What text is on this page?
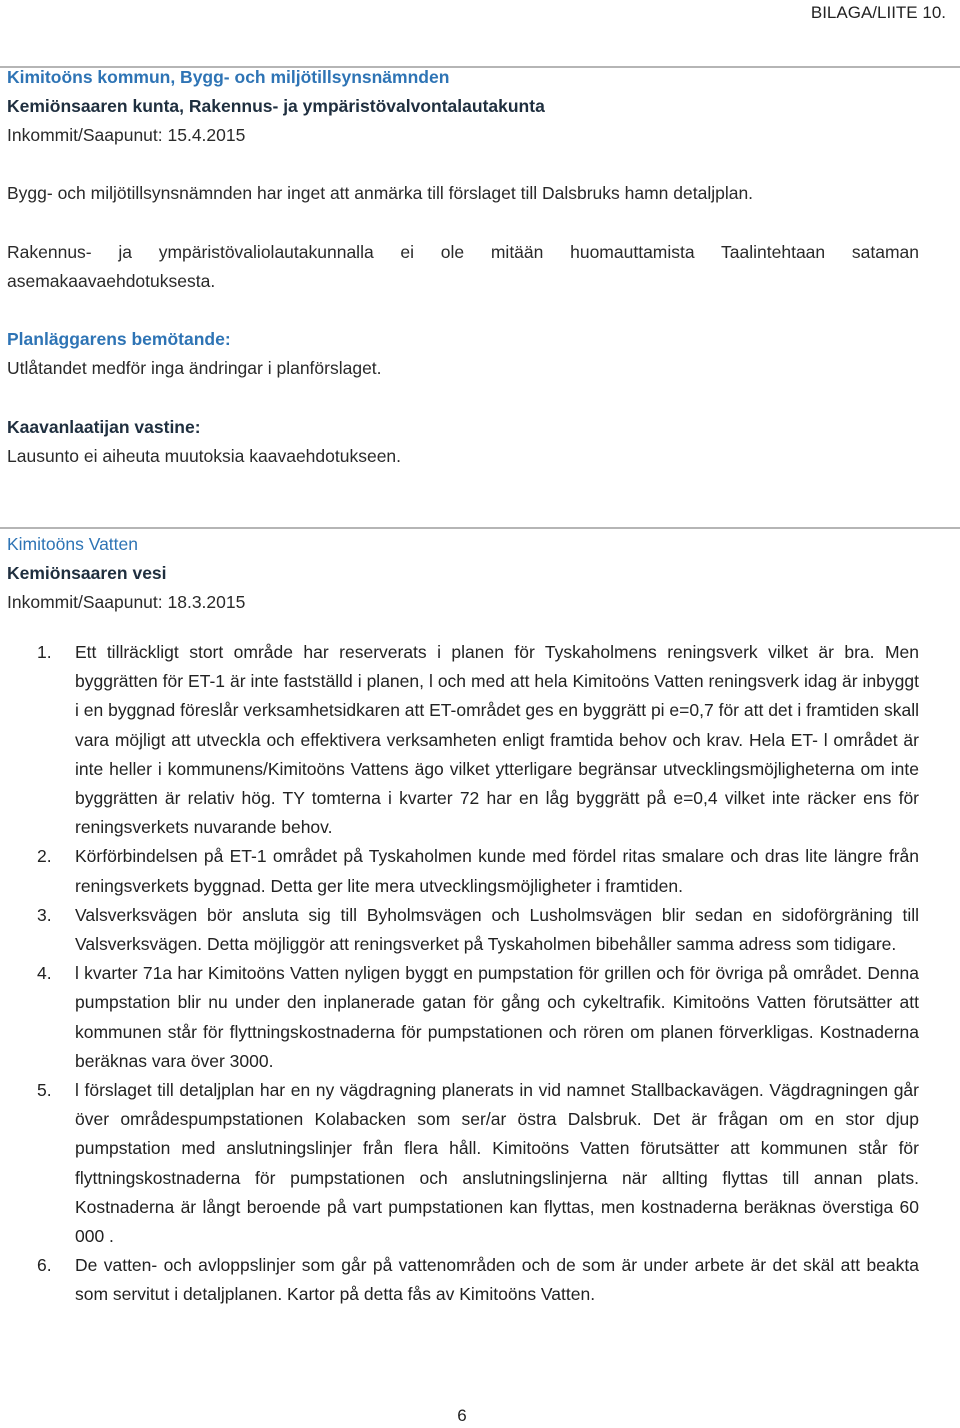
BILAGA/LIITE 10.
Kimitoöns kommun, Bygg- och miljötillsynsnämnden
Kemiönsaaren kunta, Rakennus- ja ympäristövalvontalautakunta
Inkommit/Saapunut: 15.4.2015
Bygg- och miljötillsynsnämnden har inget att anmärka till förslaget till Dalsbruks hamn detaljplan.
Rakennus- ja ympäristövaliolautakunnalla ei ole mitään huomauttamista Taalintehtaan sataman asemakaavaehdotuksesta.
Planläggarens bemötande:
Utlåtandet medför inga ändringar i planförslaget.
Kaavanlaatijan vastine:
Lausunto ei aiheuta muutoksia kaavaehdotukseen.
Kimitoöns Vatten
Kemiönsaaren vesi
Inkommit/Saapunut: 18.3.2015
1. Ett tillräckligt stort område har reserverats i planen för Tyskaholmens reningsverk vilket är bra. Men byggrätten för ET-1 är inte fastställd i planen, l och med att hela Kimitoöns Vatten reningsverk idag är inbyggt i en byggnad föreslår verksamhetsidkaren att ET-området ges en byggrätt pi e=0,7 för att det i framtiden skall vara möjligt att utveckla och effektivera verksamheten enligt framtida behov och krav. Hela ET- l området är inte heller i kommunens/Kimitoöns Vattens ägo vilket ytterligare begränsar utvecklingsmöjligheterna om inte byggrätten är relativ hög. TY tomterna i kvarter 72 har en låg byggrätt på e=0,4 vilket inte räcker ens för reningsverkets nuvarande behov.
2. Körförbindelsen på ET-1 området på Tyskaholmen kunde med fördel ritas smalare och dras lite längre från reningsverkets byggnad. Detta ger lite mera utvecklingsmöjligheter i framtiden.
3. Valsverksvägen bör ansluta sig till Byholmsvägen och Lusholmsvägen blir sedan en sidoförgräning till Valsverksvägen. Detta möjliggör att reningsverket på Tyskaholmen bibehåller samma adress som tidigare.
4. l kvarter 71a har Kimitoöns Vatten nyligen byggt en pumpstation för grillen och för övriga på området. Denna pumpstation blir nu under den inplanerade gatan för gång och cykeltrafik. Kimitoöns Vatten förutsätter att kommunen står för flyttningskostnaderna för pumpstationen och rören om planen förverkligas. Kostnaderna beräknas vara över 3000.
5. l förslaget till detaljplan har en ny vägdragning planerats in vid namnet Stallbackavägen. Vägdragningen går över områdespumpstationen Kolabacken som ser/ar östra Dalsbruk. Det är frågan om en stor djup pumpstation med anslutningslinjer från flera håll. Kimitoöns Vatten förutsätter att kommunen står för flyttningskostnaderna för pumpstationen och anslutningslinjerna när allting flyttas till annan plats. Kostnaderna är långt beroende på vart pumpstationen kan flyttas, men kostnaderna beräknas överstiga 60 000 .
6. De vatten- och avloppslinjer som går på vattenområden och de som är under arbete är det skäl att beakta som servitut i detaljplanen. Kartor på detta fås av Kimitoöns Vatten.
6
